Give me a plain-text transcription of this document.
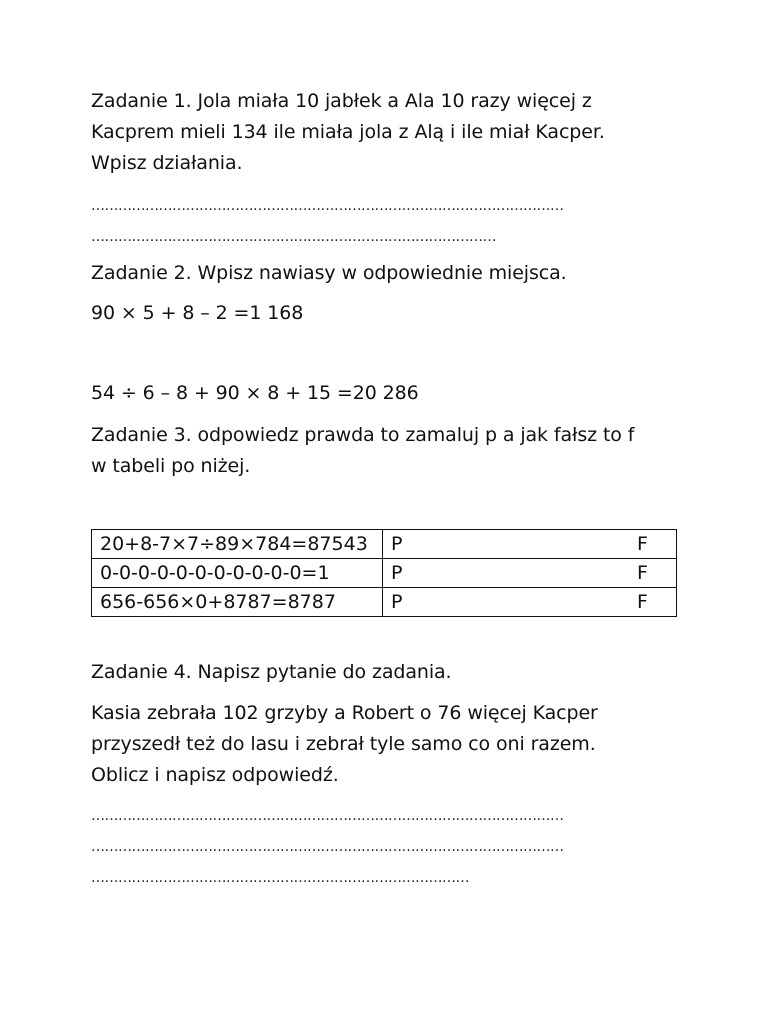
Zadanie 1. Jola miała 10 jabłek a Ala 10 razy więcej z
Kacprem mieli 134 ile miała jola z Alą i ile miał Kacper.
Wpisz działania.
……………………………………………………………………………………………
………………………………………………………………………………
Zadanie 2. Wpisz nawiasy w odpowiednie miejsca.
90 × 5 + 8 – 2 =1 168
54 ÷ 6 – 8 + 90 × 8 + 15 =20 286
Zadanie 3. odpowiedz prawda to zamaluj p a jak fałsz to f
w tabeli po niżej.
20+8-7×7÷89×784=87543	P F

0-0-0-0-0-0-0-0-0-0-0=1	P F

656-656×0+8787=8787	P F
Zadanie 4. Napisz pytanie do zadania.
Kasia zebrała 102 grzyby a Robert o 76 więcej Kacper
przyszedł też do lasu i zebrał tyle samo co oni razem.
Oblicz i napisz odpowiedź.
……………………………………………………………………………………………
……………………………………………………………………………………………
…………………………………………………………………………
